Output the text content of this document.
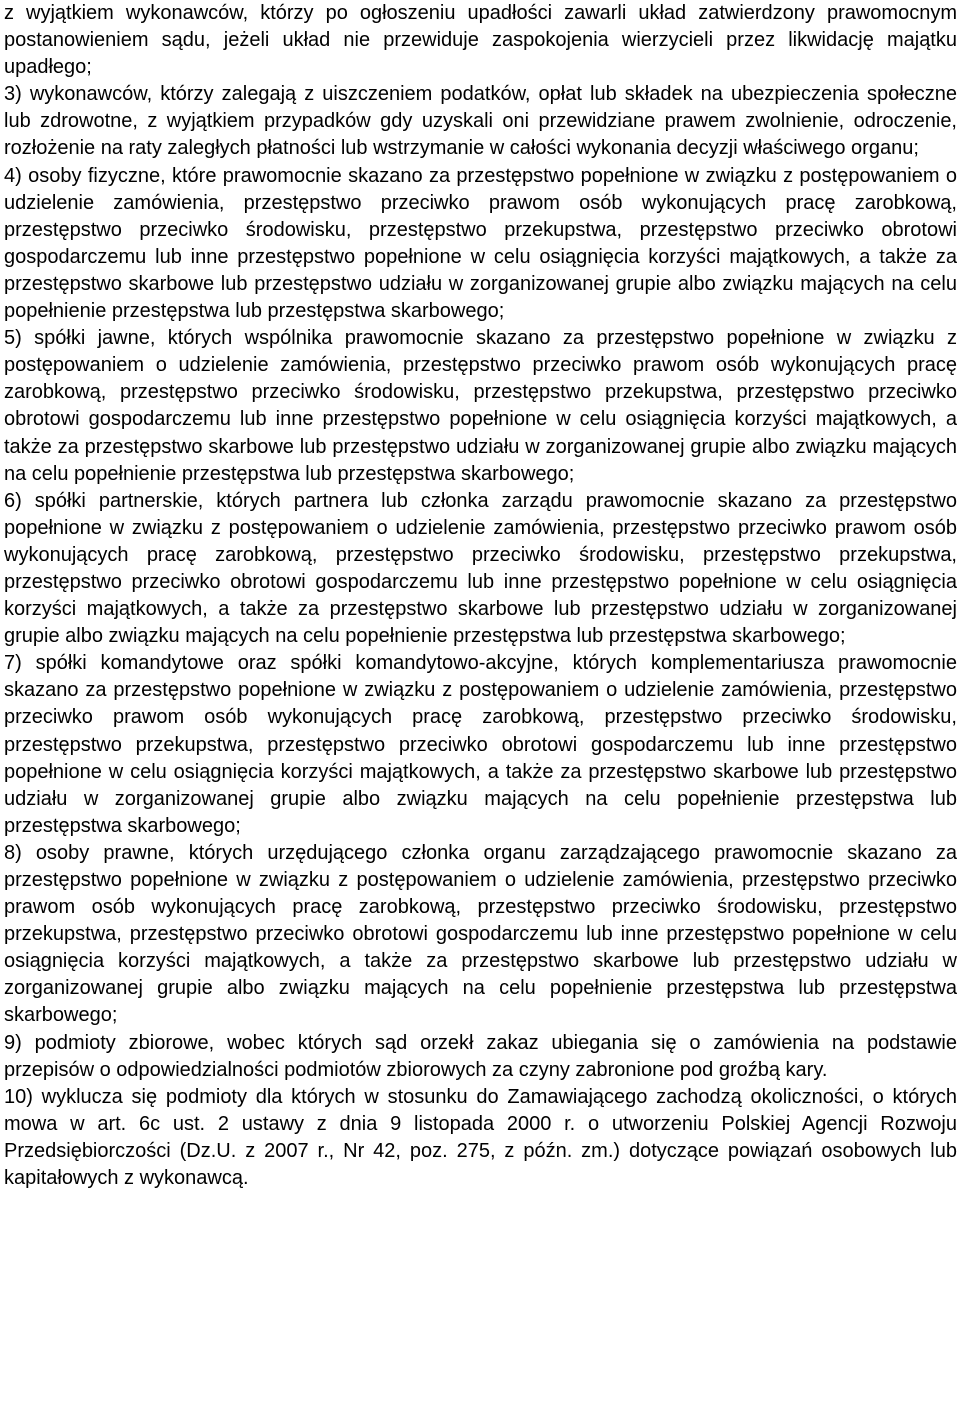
z wyjątkiem wykonawców, którzy po ogłoszeniu upadłości zawarli układ zatwierdzony prawomocnym postanowieniem sądu, jeżeli układ nie przewiduje zaspokojenia wierzycieli przez likwidację majątku upadłego;

3) wykonawców, którzy zalegają z uiszczeniem podatków, opłat lub składek na ubezpieczenia społeczne lub zdrowotne, z wyjątkiem przypadków gdy uzyskali oni przewidziane prawem zwolnienie, odroczenie, rozłożenie na raty zaległych płatności lub wstrzymanie w całości wykonania decyzji właściwego organu;

4) osoby fizyczne, które prawomocnie skazano za przestępstwo popełnione w związku z postępowaniem o udzielenie zamówienia, przestępstwo przeciwko prawom osób wykonujących pracę zarobkową, przestępstwo przeciwko środowisku, przestępstwo przekupstwa, przestępstwo przeciwko obrotowi gospodarczemu lub inne przestępstwo popełnione w celu osiągnięcia korzyści majątkowych, a także za przestępstwo skarbowe lub przestępstwo udziału w zorganizowanej grupie albo związku mających na celu popełnienie przestępstwa lub przestępstwa skarbowego;

5) spółki jawne, których wspólnika prawomocnie skazano za przestępstwo popełnione w związku z postępowaniem o udzielenie zamówienia, przestępstwo przeciwko prawom osób wykonujących pracę zarobkową, przestępstwo przeciwko środowisku, przestępstwo przekupstwa, przestępstwo przeciwko obrotowi gospodarczemu lub inne przestępstwo popełnione w celu osiągnięcia korzyści majątkowych, a także za przestępstwo skarbowe lub przestępstwo udziału w zorganizowanej grupie albo związku mających na celu popełnienie przestępstwa lub przestępstwa skarbowego;

6) spółki partnerskie, których partnera lub członka zarządu prawomocnie skazano za przestępstwo popełnione w związku z postępowaniem o udzielenie zamówienia, przestępstwo przeciwko prawom osób wykonujących pracę zarobkową, przestępstwo przeciwko środowisku, przestępstwo przekupstwa, przestępstwo przeciwko obrotowi gospodarczemu lub inne przestępstwo popełnione w celu osiągnięcia korzyści majątkowych, a także za przestępstwo skarbowe lub przestępstwo udziału w zorganizowanej grupie albo związku mających na celu popełnienie przestępstwa lub przestępstwa skarbowego;

7) spółki komandytowe oraz spółki komandytowo-akcyjne, których komplementariusza prawomocnie skazano za przestępstwo popełnione w związku z postępowaniem o udzielenie zamówienia, przestępstwo przeciwko prawom osób wykonujących pracę zarobkową, przestępstwo przeciwko środowisku, przestępstwo przekupstwa, przestępstwo przeciwko obrotowi gospodarczemu lub inne przestępstwo popełnione w celu osiągnięcia korzyści majątkowych, a także za przestępstwo skarbowe lub przestępstwo udziału w zorganizowanej grupie albo związku mających na celu popełnienie przestępstwa lub przestępstwa skarbowego;

8) osoby prawne, których urzędującego członka organu zarządzającego prawomocnie skazano za przestępstwo popełnione w związku z postępowaniem o udzielenie zamówienia, przestępstwo przeciwko prawom osób wykonujących pracę zarobkową, przestępstwo przeciwko środowisku, przestępstwo przekupstwa, przestępstwo przeciwko obrotowi gospodarczemu lub inne przestępstwo popełnione w celu osiągnięcia korzyści majątkowych, a także za przestępstwo skarbowe lub przestępstwo udziału w zorganizowanej grupie albo związku mających na celu popełnienie przestępstwa lub przestępstwa skarbowego;

9) podmioty zbiorowe, wobec których sąd orzekł zakaz ubiegania się o zamówienia na podstawie przepisów o odpowiedzialności podmiotów zbiorowych za czyny zabronione pod groźbą kary.

10) wyklucza się podmioty dla których w stosunku do Zamawiającego zachodzą okoliczności, o których mowa w art. 6c ust. 2 ustawy z dnia 9 listopada 2000 r. o utworzeniu Polskiej Agencji Rozwoju Przedsiębiorczości (Dz.U. z 2007 r., Nr 42, poz. 275, z późn. zm.) dotyczące powiązań osobowych lub kapitałowych z wykonawcą.
